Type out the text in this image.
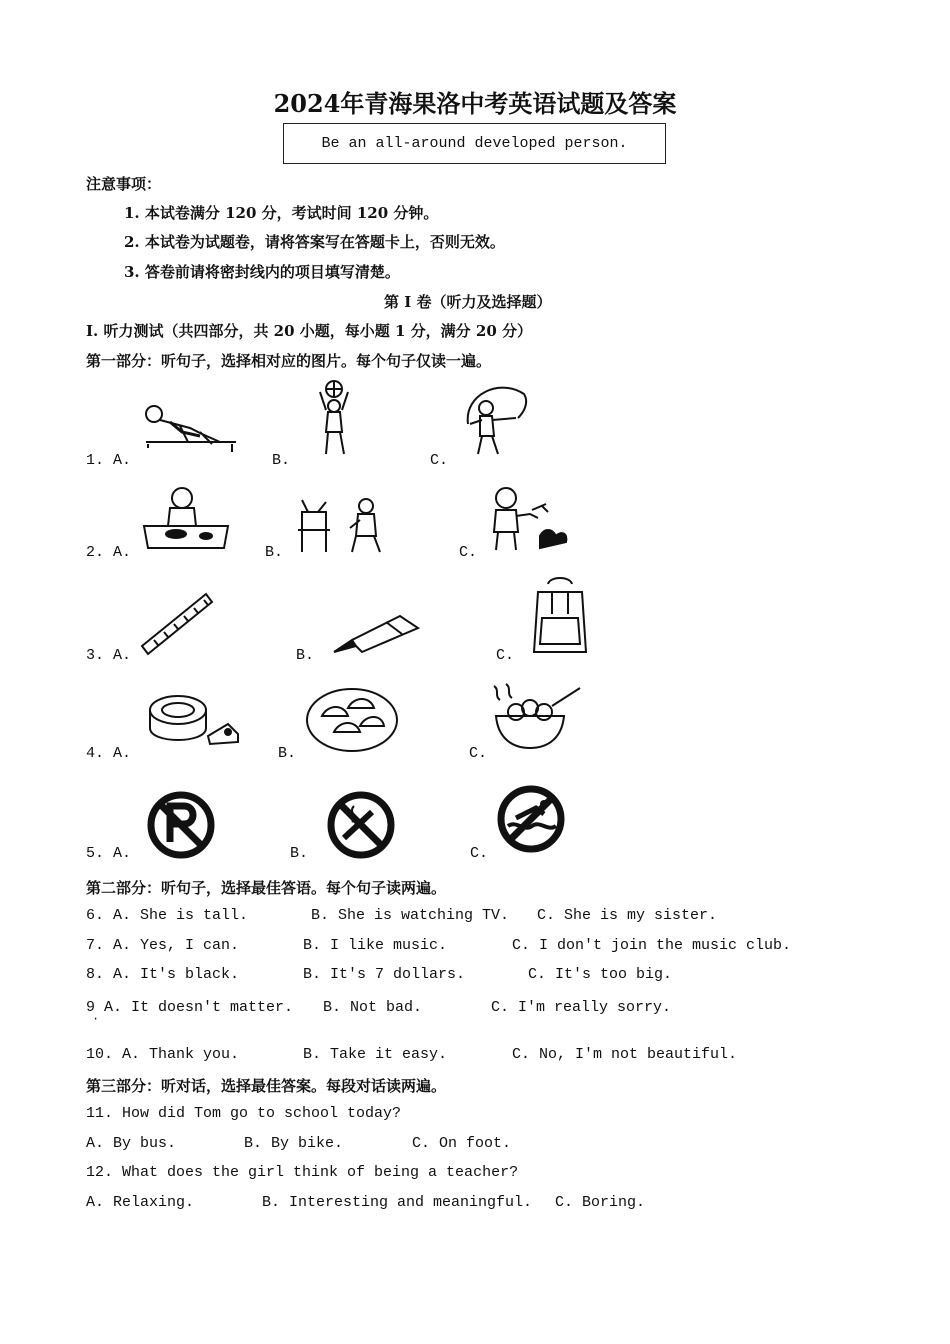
2024年青海果洛中考英语试题及答案
Be an all-around developed person.
注意事项：
1. 本试卷满分 120 分，考试时间 120 分钟。
2. 本试卷为试题卷，请将答案写在答题卡上，否则无效。
3. 答卷前请将密封线内的项目填写清楚。
第 I 卷（听力及选择题）
I. 听力测试（共四部分，共 20 小题，每小题 1 分，满分 20 分）
第一部分：听句子，选择相对应的图片。每个句子仅读一遍。
1. A.	B.	C.
2. A.	B.	C.
3. A.	B.	C.
4. A.	B.	C.
5. A.	B.	C.
第二部分：听句子，选择最佳答语。每个句子读两遍。
6. A. She is tall.	B. She is watching TV. C. She is my sister.
7. A. Yes, I can.	B. I like music.	C. I don't join the music club.
8. A. It's black.	B. It's 7 dollars.	C. It's too big.
9 A. It doesn't matter.
·
B. Not bad.	C. I'm really sorry.
10. A. Thank you.	B. Take it easy.	C. No, I'm not beautiful.
第三部分：听对话，选择最佳答案。每段对话读两遍。
11. How did Tom go to school today?
A. By bus.	B. By bike.	C. On foot.
12. What does the girl think of being a teacher?
A. Relaxing.	B. Interesting and meaningful. C. Boring.
